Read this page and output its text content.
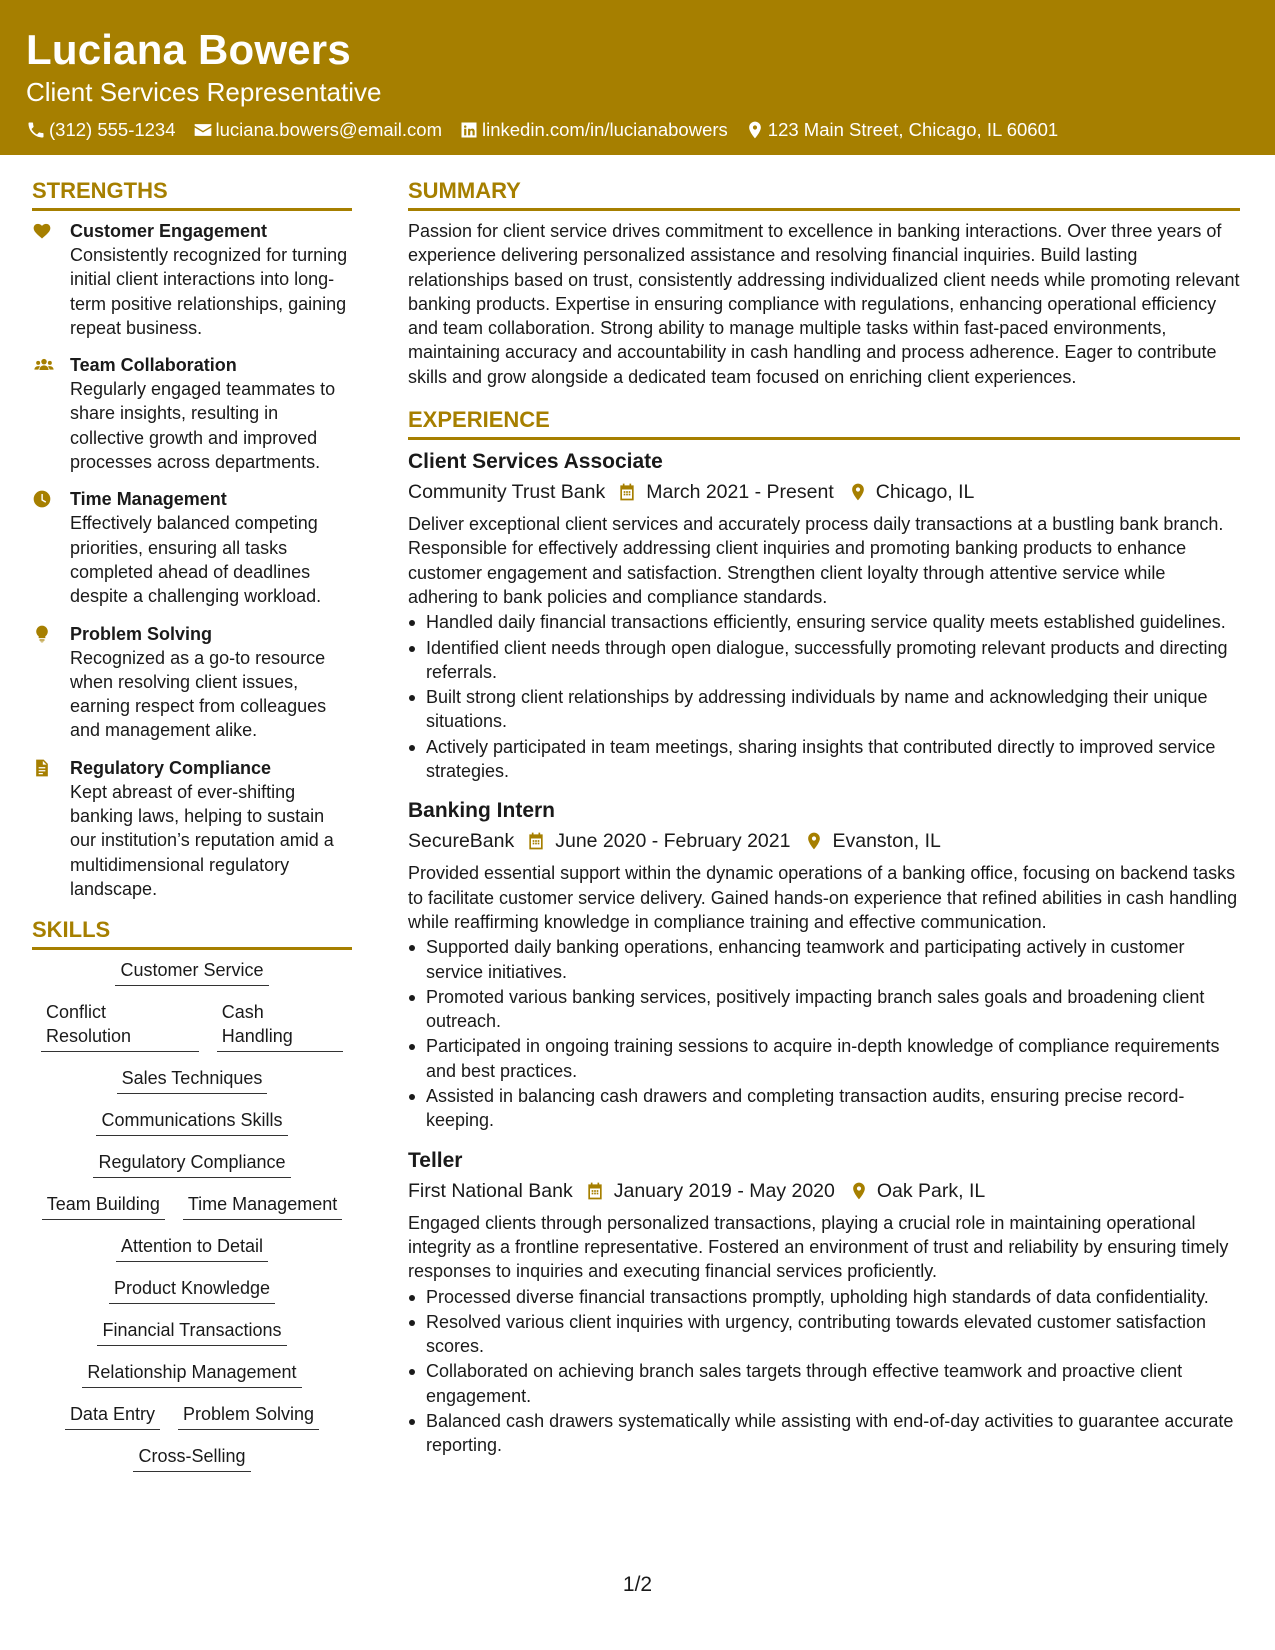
Luciana Bowers
Client Services Representative
(312) 555-1234 luciana.bowers@email.com linkedin.com/in/lucianabowers 123 Main Street, Chicago, IL 60601
STRENGTHS
Customer Engagement
Consistently recognized for turning initial client interactions into long-term positive relationships, gaining repeat business.
Team Collaboration
Regularly engaged teammates to share insights, resulting in collective growth and improved processes across departments.
Time Management
Effectively balanced competing priorities, ensuring all tasks completed ahead of deadlines despite a challenging workload.
Problem Solving
Recognized as a go-to resource when resolving client issues, earning respect from colleagues and management alike.
Regulatory Compliance
Kept abreast of ever-shifting banking laws, helping to sustain our institution’s reputation amid a multidimensional regulatory landscape.
SKILLS
Customer Service
Conflict Resolution
Cash Handling
Sales Techniques
Communications Skills
Regulatory Compliance
Team Building Time Management
Attention to Detail
Product Knowledge
Financial Transactions
Relationship Management
Data Entry Problem Solving
Cross-Selling
SUMMARY
Passion for client service drives commitment to excellence in banking interactions. Over three years of experience delivering personalized assistance and resolving financial inquiries. Build lasting relationships based on trust, consistently addressing individualized client needs while promoting relevant banking products. Expertise in ensuring compliance with regulations, enhancing operational efficiency and team collaboration. Strong ability to manage multiple tasks within fast-paced environments, maintaining accuracy and accountability in cash handling and process adherence. Eager to contribute skills and grow alongside a dedicated team focused on enriching client experiences.
EXPERIENCE
Client Services Associate
Community Trust Bank March 2021 - Present Chicago, IL
Deliver exceptional client services and accurately process daily transactions at a bustling bank branch. Responsible for effectively addressing client inquiries and promoting banking products to enhance customer engagement and satisfaction. Strengthen client loyalty through attentive service while adhering to bank policies and compliance standards.
Handled daily financial transactions efficiently, ensuring service quality meets established guidelines.
Identified client needs through open dialogue, successfully promoting relevant products and directing referrals.
Built strong client relationships by addressing individuals by name and acknowledging their unique situations.
Actively participated in team meetings, sharing insights that contributed directly to improved service strategies.
Banking Intern
SecureBank June 2020 - February 2021 Evanston, IL
Provided essential support within the dynamic operations of a banking office, focusing on backend tasks to facilitate customer service delivery. Gained hands-on experience that refined abilities in cash handling while reaffirming knowledge in compliance training and effective communication.
Supported daily banking operations, enhancing teamwork and participating actively in customer service initiatives.
Promoted various banking services, positively impacting branch sales goals and broadening client outreach.
Participated in ongoing training sessions to acquire in-depth knowledge of compliance requirements and best practices.
Assisted in balancing cash drawers and completing transaction audits, ensuring precise record-keeping.
Teller
First National Bank January 2019 - May 2020 Oak Park, IL
Engaged clients through personalized transactions, playing a crucial role in maintaining operational integrity as a frontline representative. Fostered an environment of trust and reliability by ensuring timely responses to inquiries and executing financial services proficiently.
Processed diverse financial transactions promptly, upholding high standards of data confidentiality.
Resolved various client inquiries with urgency, contributing towards elevated customer satisfaction scores.
Collaborated on achieving branch sales targets through effective teamwork and proactive client engagement.
Balanced cash drawers systematically while assisting with end-of-day activities to guarantee accurate reporting.
1/2
